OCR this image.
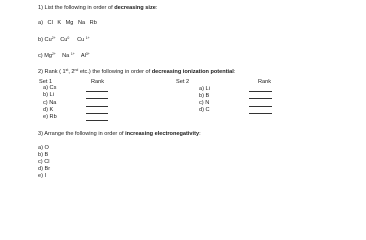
1) List the following in order of decreasing size:
a) Cl K Mg Na Rb
b) $Cu^{2+}$ Cu$^0$ Cu $^{1+}$
c) $Mg^{2+}$ Na $^{1+}$ $Al^{3+}$
2) Rank ( 1st, 2nd etc.) the following in order of decreasing ionization potential:
Set 1	Rank
a) Cs
b) Li
c) Na
d) K
e) Rb
Set 2	Rank
a) Li
b) B
c) N
d) C
3) Arrange the following in order of increasing electronegativity:
a) O
b) B
c) Cl
d) Br
e) I
